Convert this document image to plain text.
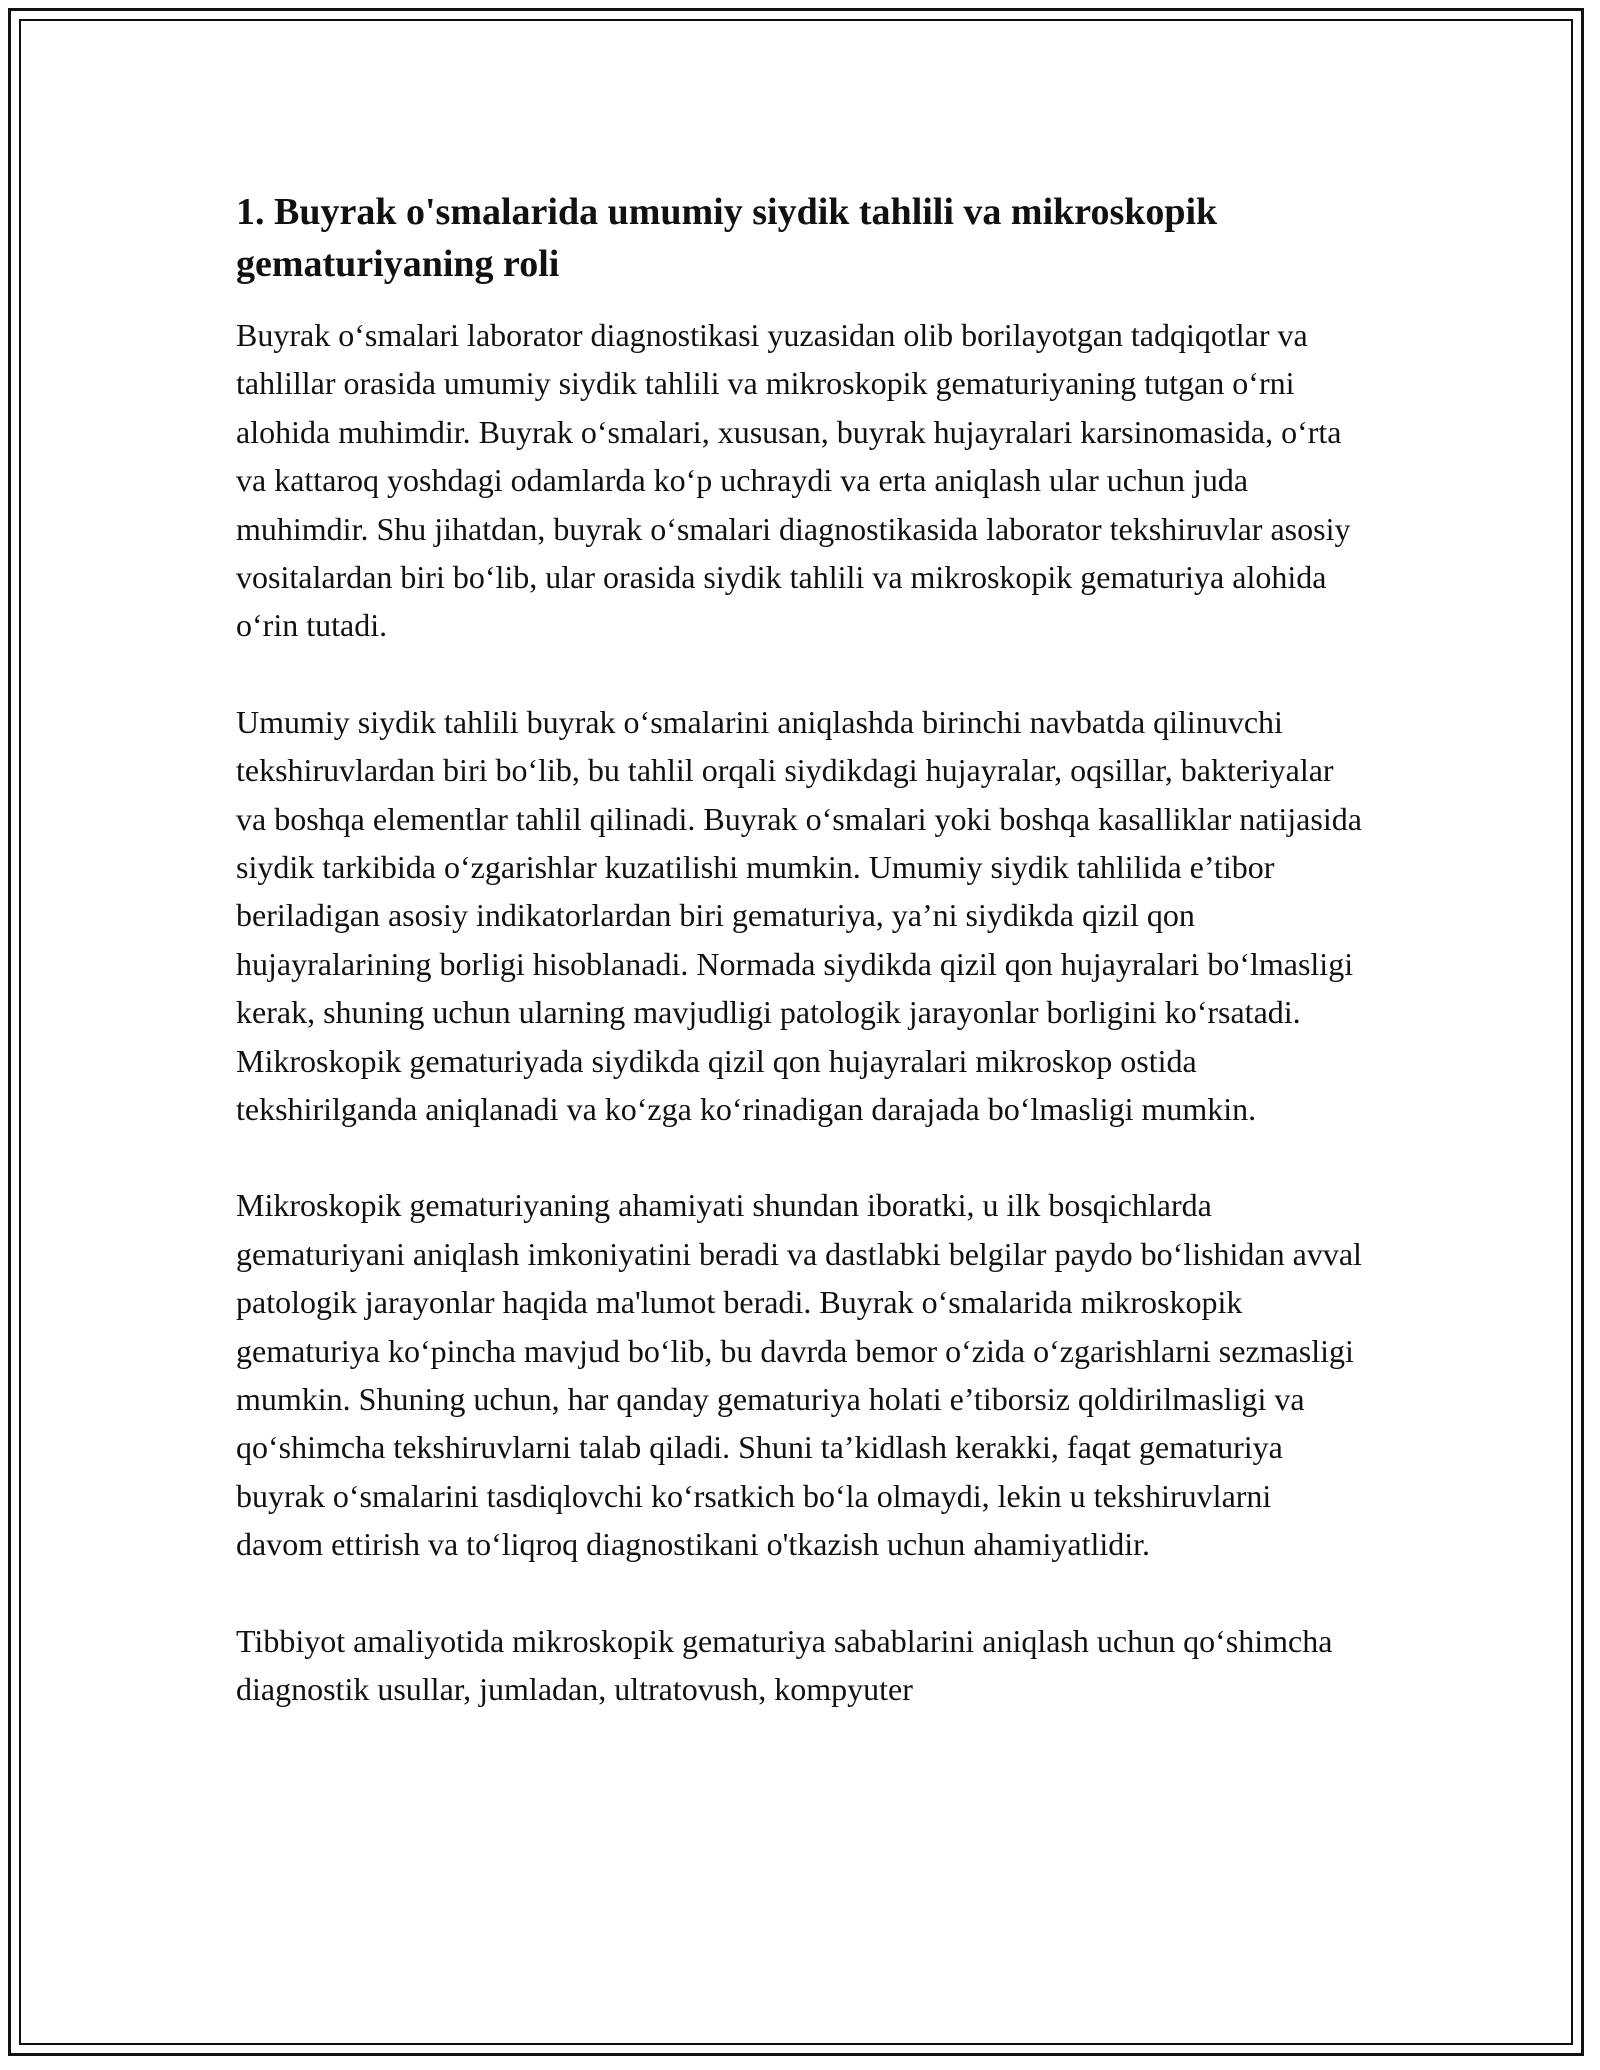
1. Buyrak o'smalarida umumiy siydik tahlili va mikroskopik gematuriyaning roli

Buyrak o‘smalari laborator diagnostikasi yuzasidan olib borilayotgan tadqiqotlar va tahlillar orasida umumiy siydik tahlili va mikroskopik gematuriyaning tutgan o‘rni alohida muhimdir. Buyrak o‘smalari, xususan, buyrak hujayralari karsinomasida, o‘rta va kattaroq yoshdagi odamlarda ko‘p uchraydi va erta aniqlash ular uchun juda muhimdir. Shu jihatdan, buyrak o‘smalari diagnostikasida laborator tekshiruvlar asosiy vositalardan biri bo‘lib, ular orasida siydik tahlili va mikroskopik gematuriya alohida o‘rin tutadi.

Umumiy siydik tahlili buyrak o‘smalarini aniqlashda birinchi navbatda qilinuvchi tekshiruvlardan biri bo‘lib, bu tahlil orqali siydikdagi hujayralar, oqsillar, bakteriyalar va boshqa elementlar tahlil qilinadi. Buyrak o‘smalari yoki boshqa kasalliklar natijasida siydik tarkibida o‘zgarishlar kuzatilishi mumkin. Umumiy siydik tahlilida e’tibor beriladigan asosiy indikatorlardan biri gematuriya, ya’ni siydikda qizil qon hujayralarining borligi hisoblanadi. Normada siydikda qizil qon hujayralari bo‘lmasligi kerak, shuning uchun ularning mavjudligi patologik jarayonlar borligini ko‘rsatadi. Mikroskopik gematuriyada siydikda qizil qon hujayralari mikroskop ostida tekshirilganda aniqlanadi va ko‘zga ko‘rinadigan darajada bo‘lmasligi mumkin.

Mikroskopik gematuriyaning ahamiyati shundan iboratki, u ilk bosqichlarda gematuriyani aniqlash imkoniyatini beradi va dastlabki belgilar paydo bo‘lishidan avval patologik jarayonlar haqida ma'lumot beradi. Buyrak o‘smalarida mikroskopik gematuriya ko‘pincha mavjud bo‘lib, bu davrda bemor o‘zida o‘zgarishlarni sezmasligi mumkin. Shuning uchun, har qanday gematuriya holati e’tiborsiz qoldirilmasligi va qo‘shimcha tekshiruvlarni talab qiladi. Shuni ta’kidlash kerakki, faqat gematuriya buyrak o‘smalarini tasdiqlovchi ko‘rsatkich bo‘la olmaydi, lekin u tekshiruvlarni davom ettirish va to‘liqroq diagnostikani o'tkazish uchun ahamiyatlidir.

Tibbiyot amaliyotida mikroskopik gematuriya sabablarini aniqlash uchun qo‘shimcha diagnostik usullar, jumladan, ultratovush, kompyuter
